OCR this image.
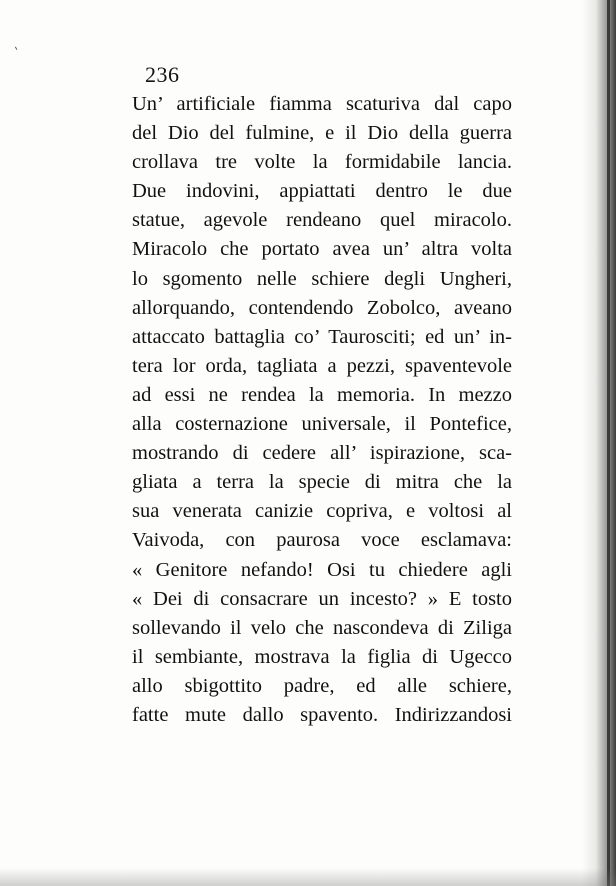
'
236
Un’ artificiale fiamma scaturiva dal capo
del Dio del fulmine, e il Dio della guerra
crollava tre volte la formidabile lancia.
Due indovini, appiattati dentro le due
statue, agevole rendeano quel miracolo.
Miracolo che portato avea un’ altra volta
lo sgomento nelle schiere degli Ungheri,
allorquando, contendendo Zobolco, aveano
attaccato battaglia co’ Taurosciti; ed un’ in-
tera lor orda, tagliata a pezzi, spaventevole
ad essi ne rendea la memoria. In mezzo
alla costernazione universale, il Pontefice,
mostrando di cedere all’ ispirazione, sca-
gliata a terra la specie di mitra che la
sua venerata canizie copriva, e voltosi al
Vaivoda, con paurosa voce esclamava:
« Genitore nefando! Osi tu chiedere agli
« Dei di consacrare un incesto? » E tosto
sollevando il velo che nascondeva di Ziliga
il sembiante, mostrava la figlia di Ugecco
allo sbigottito padre, ed alle schiere,
fatte mute dallo spavento. Indirizzandosi
